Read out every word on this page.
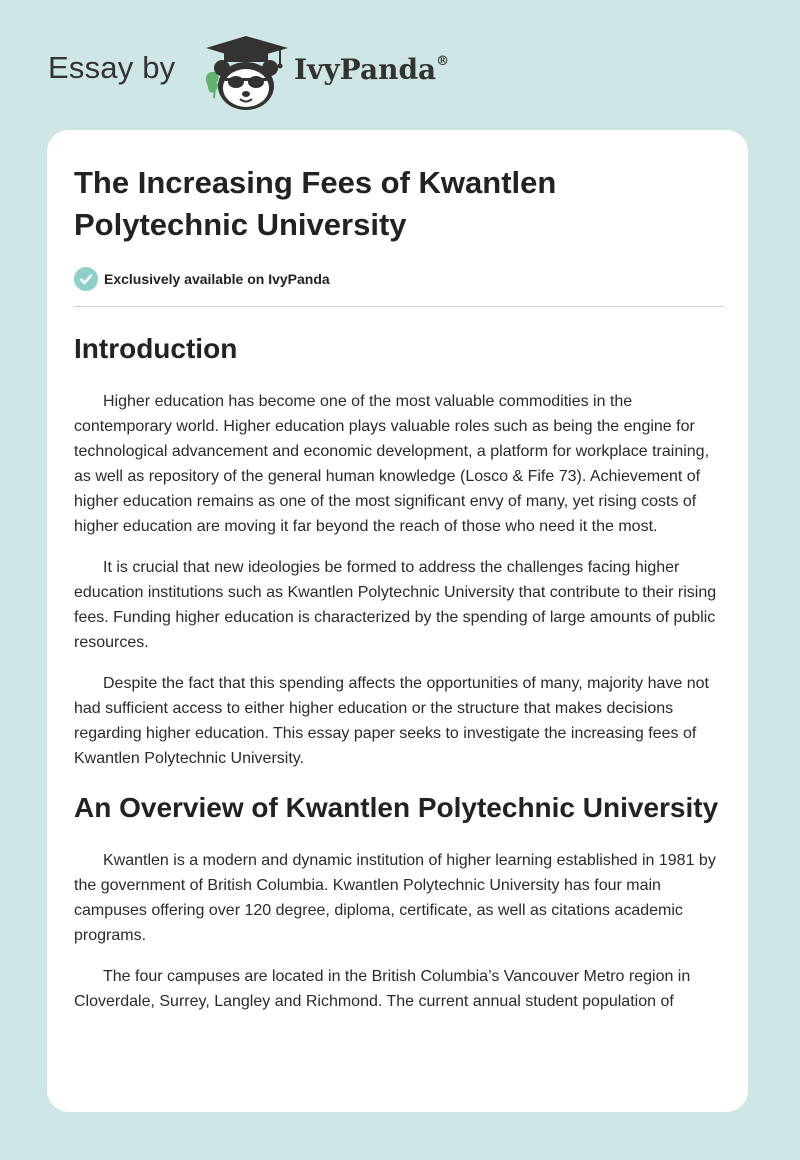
Essay by	IvyPanda®
The Increasing Fees of Kwantlen Polytechnic University
Exclusively available on IvyPanda
Introduction

Higher education has become one of the most valuable commodities in the contemporary world. Higher education plays valuable roles such as being the engine for technological advancement and economic development, a platform for workplace training, as well as repository of the general human knowledge (Losco & Fife 73). Achievement of higher education remains as one of the most significant envy of many, yet rising costs of higher education are moving it far beyond the reach of those who need it the most.

It is crucial that new ideologies be formed to address the challenges facing higher education institutions such as Kwantlen Polytechnic University that contribute to their rising fees. Funding higher education is characterized by the spending of large amounts of public resources.

Despite the fact that this spending affects the opportunities of many, majority have not had sufficient access to either higher education or the structure that makes decisions regarding higher education. This essay paper seeks to investigate the increasing fees of Kwantlen Polytechnic University.

An Overview of Kwantlen Polytechnic University

Kwantlen is a modern and dynamic institution of higher learning established in 1981 by the government of British Columbia. Kwantlen Polytechnic University has four main campuses offering over 120 degree, diploma, certificate, as well as citations academic programs.

The four campuses are located in the British Columbia’s Vancouver Metro region in Cloverdale, Surrey, Langley and Richmond. The current annual student population of
